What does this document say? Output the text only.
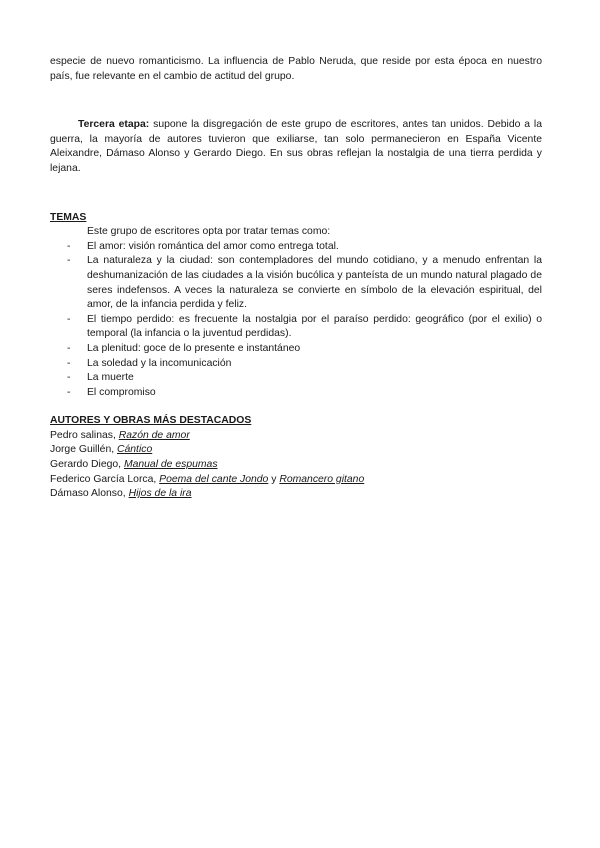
especie de nuevo romanticismo. La influencia de Pablo Neruda, que reside por esta época en nuestro país, fue relevante en el cambio de actitud del grupo.

Tercera etapa: supone la disgregación de este grupo de escritores, antes tan unidos. Debido a la guerra, la mayoría de autores tuvieron que exiliarse, tan solo permanecieron en España Vicente Aleixandre, Dámaso Alonso y Gerardo Diego. En sus obras reflejan la nostalgia de una tierra perdida y lejana.

TEMAS
Este grupo de escritores opta por tratar temas como:
- El amor: visión romántica del amor como entrega total.
- La naturaleza y la ciudad: son contempladores del mundo cotidiano, y a menudo enfrentan la deshumanización de las ciudades a la visión bucólica y panteísta de un mundo natural plagado de seres indefensos. A veces la naturaleza se convierte en símbolo de la elevación espiritual, del amor, de la infancia perdida y feliz.
- El tiempo perdido: es frecuente la nostalgia por el paraíso perdido: geográfico (por el exilio) o temporal (la infancia o la juventud perdidas).
- La plenitud: goce de lo presente e instantáneo
- La soledad y la incomunicación
- La muerte
- El compromiso
AUTORES Y OBRAS MÁS DESTACADOS
Pedro salinas, Razón de amor
Jorge Guillén, Cántico
Gerardo Diego, Manual de espumas
Federico García Lorca, Poema del cante Jondo y Romancero gitano
Dámaso Alonso, Hijos de la ira
